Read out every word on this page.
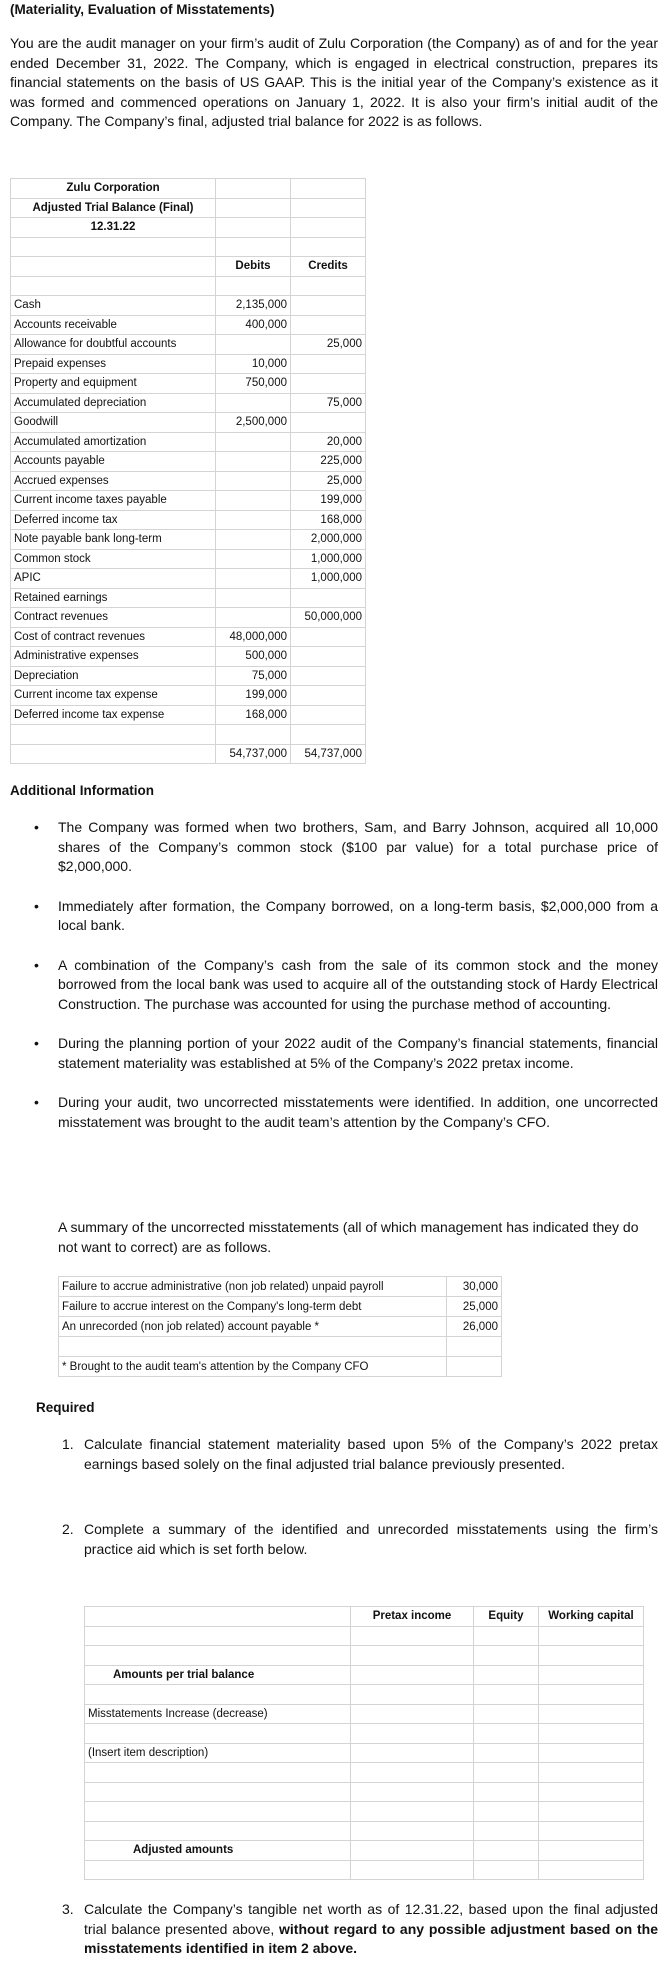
(Materiality, Evaluation of Misstatements)
You are the audit manager on your firm’s audit of Zulu Corporation (the Company) as of and for the year ended December 31, 2022. The Company, which is engaged in electrical construction, prepares its financial statements on the basis of US GAAP. This is the initial year of the Company’s existence as it was formed and commenced operations on January 1, 2022. It is also your firm’s initial audit of the Company. The Company’s final, adjusted trial balance for 2022 is as follows.
Zulu Corporation		
Adjusted Trial Balance (Final)		
12.31.22		

	Debits	Credits

Cash	2,135,000	
Accounts receivable	400,000	
Allowance for doubtful accounts		25,000
Prepaid expenses	10,000	
Property and equipment	750,000	
Accumulated depreciation		75,000
Goodwill	2,500,000	
Accumulated amortization		20,000
Accounts payable		225,000
Accrued expenses		25,000
Current income taxes payable		199,000
Deferred income tax		168,000
Note payable bank long-term		2,000,000
Common stock		1,000,000
APIC		1,000,000
Retained earnings		
Contract revenues		50,000,000
Cost of contract revenues	48,000,000	
Administrative expenses	500,000	
Depreciation	75,000	
Current income tax expense	199,000	
Deferred income tax expense	168,000	

	54,737,000	54,737,000
Additional Information
• The Company was formed when two brothers, Sam, and Barry Johnson, acquired all 10,000 shares of the Company’s common stock ($100 par value) for a total purchase price of $2,000,000.
• Immediately after formation, the Company borrowed, on a long-term basis, $2,000,000 from a local bank.
• A combination of the Company’s cash from the sale of its common stock and the money borrowed from the local bank was used to acquire all of the outstanding stock of Hardy Electrical Construction. The purchase was accounted for using the purchase method of accounting.
• During the planning portion of your 2022 audit of the Company’s financial statements, financial statement materiality was established at 5% of the Company’s 2022 pretax income.
• During your audit, two uncorrected misstatements were identified. In addition, one uncorrected misstatement was brought to the audit team’s attention by the Company’s CFO.
A summary of the uncorrected misstatements (all of which management has indicated they do not want to correct) are as follows.
Failure to accrue administrative (non job related) unpaid payroll	30,000
Failure to accrue interest on the Company's long-term debt	25,000
An unrecorded (non job related) account payable *	26,000

* Brought to the audit team's attention by the Company CFO	
Required
1. Calculate financial statement materiality based upon 5% of the Company’s 2022 pretax earnings based solely on the final adjusted trial balance previously presented.
2. Complete a summary of the identified and unrecorded misstatements using the firm’s practice aid which is set forth below.
	Pretax income	Equity	Working capital

Amounts per trial balance			

Misstatements Increase (decrease)			

(Insert item description)			

Adjusted amounts			

3. Calculate the Company’s tangible net worth as of 12.31.22, based upon the final adjusted trial balance presented above, without regard to any possible adjustment based on the misstatements identified in item 2 above.
